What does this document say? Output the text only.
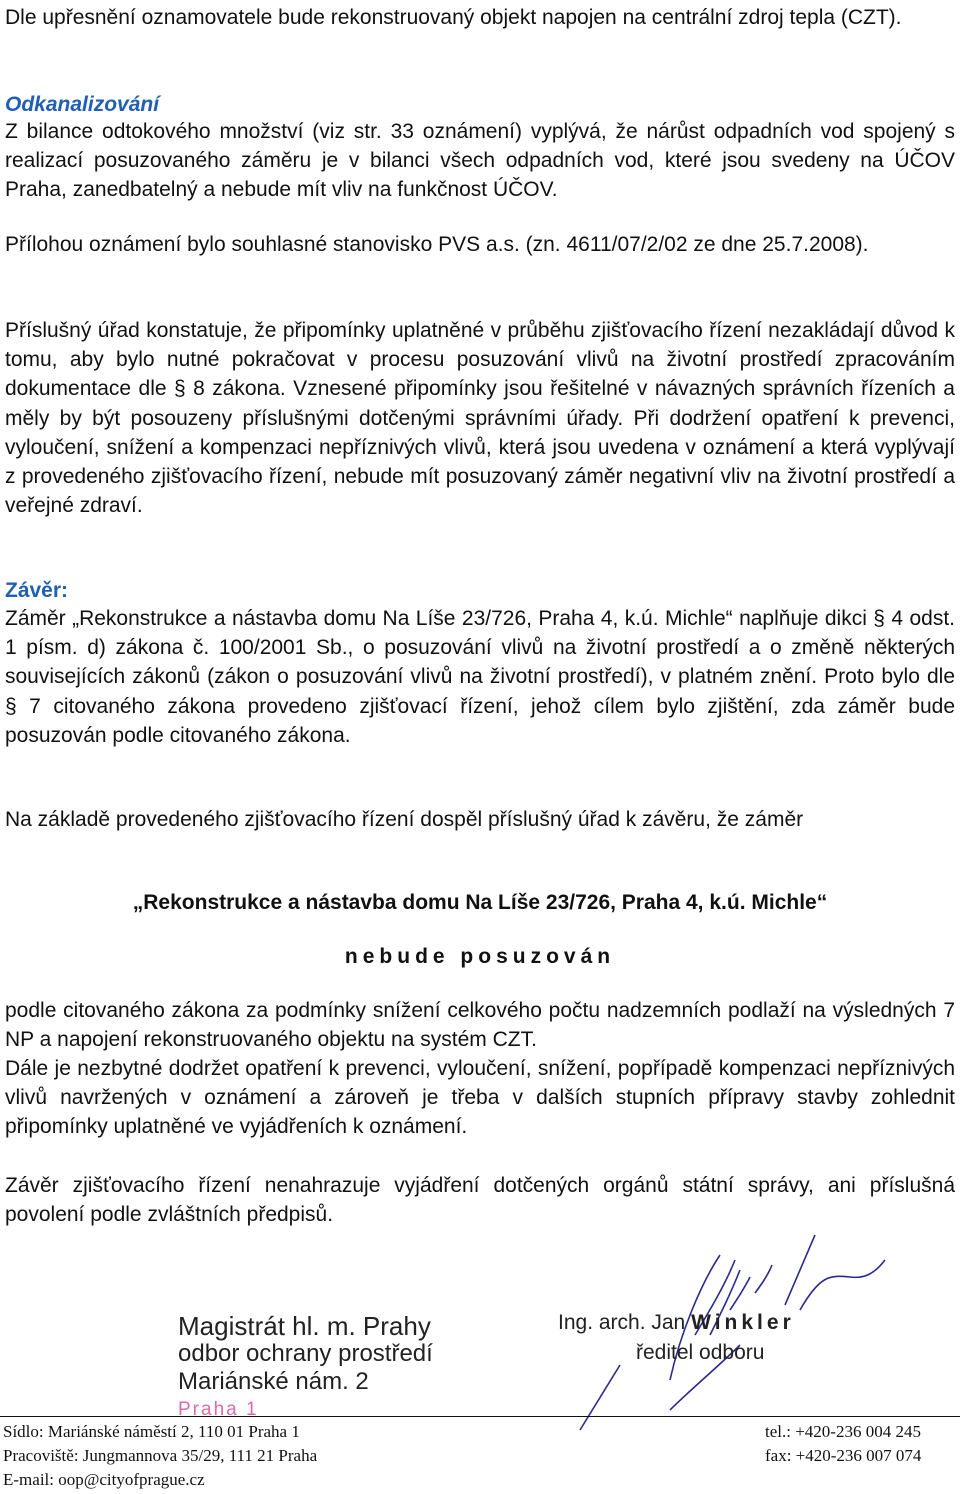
Dle upřesnění oznamovatele bude rekonstruovaný objekt napojen na centrální zdroj tepla (CZT).

Odkanalizování

Z bilance odtokového množství (viz str. 33 oznámení) vyplývá, že nárůst odpadních vod spojený s realizací posuzovaného záměru je v bilanci všech odpadních vod, které jsou svedeny na ÚČOV Praha, zanedbatelný a nebude mít vliv na funkčnost ÚČOV.

Přílohou oznámení bylo souhlasné stanovisko PVS a.s. (zn. 4611/07/2/02 ze dne 25.7.2008).

Příslušný úřad konstatuje, že připomínky uplatněné v průběhu zjišťovacího řízení nezakládají důvod k tomu, aby bylo nutné pokračovat v procesu posuzování vlivů na životní prostředí zpracováním dokumentace dle § 8 zákona. Vznesené připomínky jsou řešitelné v návazných správních řízeních a měly by být posouzeny příslušnými dotčenými správními úřady. Při dodržení opatření k prevenci, vyloučení, snížení a kompenzaci nepříznivých vlivů, která jsou uvedena v oznámení a která vyplývají z provedeného zjišťovacího řízení, nebude mít posuzovaný záměr negativní vliv na životní prostředí a veřejné zdraví.

Závěr:

Záměr „Rekonstrukce a nástavba domu Na Líše 23/726, Praha 4, k.ú. Michle“ naplňuje dikci § 4 odst. 1 písm. d) zákona č. 100/2001 Sb., o posuzování vlivů na životní prostředí a o změně některých souvisejících zákonů (zákon o posuzování vlivů na životní prostředí), v platném znění. Proto bylo dle § 7 citovaného zákona provedeno zjišťovací řízení, jehož cílem bylo zjištění, zda záměr bude posuzován podle citovaného zákona.

Na základě provedeného zjišťovacího řízení dospěl příslušný úřad k závěru, že záměr

„Rekonstrukce a nástavba domu Na Líše 23/726, Praha 4, k.ú. Michle“

nebude posuzován

podle citovaného zákona za podmínky snížení celkového počtu nadzemních podlaží na výsledných 7 NP a napojení rekonstruovaného objektu na systém CZT.

Dále je nezbytné dodržet opatření k prevenci, vyloučení, snížení, popřípadě kompenzaci nepříznivých vlivů navržených v oznámení a zároveň je třeba v dalších stupních přípravy stavby zohlednit připomínky uplatněné ve vyjádřeních k oznámení.

Závěr zjišťovacího řízení nenahrazuje vyjádření dotčených orgánů státní správy, ani příslušná povolení podle zvláštních předpisů.

Magistrát hl. m. Prahy
odbor ochrany prostředí
Mariánské nám. 2
Praha 1
Ing. arch. Jan Winkler
ředitel odboru
Sídlo: Mariánské náměstí 2, 110 01 Praha 1
Pracoviště: Jungmannova 35/29, 111 21 Praha
E-mail: oop@cityofprague.cz
tel.: +420-236 004 245
fax: +420-236 007 074
